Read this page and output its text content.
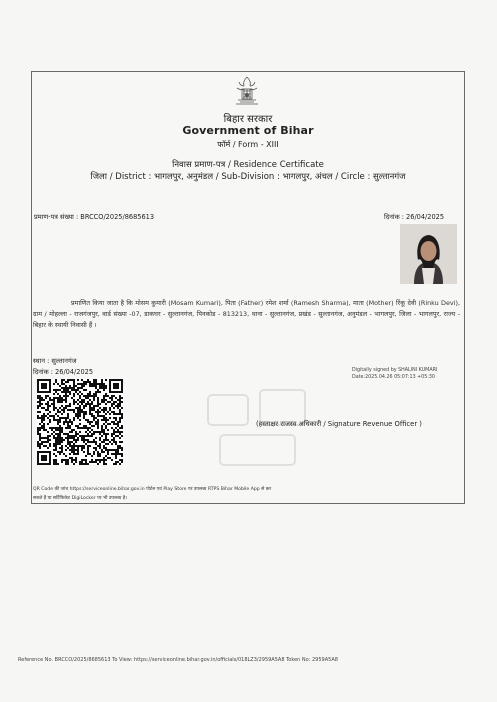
बिहार सरकार
Government of Bihar
फॉर्म / Form - XIII
निवास प्रमाण-पत्र / Residence Certificate
जिला / District : भागलपुर, अनुमंडल / Sub-Division : भागलपुर, अंचल / Circle : सुल्तानगंज
प्रमाण-पत्र संख्या : BRCCO/2025/8685613	दिनांक : 26/04/2025
प्रमाणित किया जाता है कि मोसम कुमारी (Mosam Kumari), पिता (Father) रमेश शर्मा (Ramesh Sharma), माता (Mother) रिंकू देवी (Rinku Devi), ग्राम / मोहल्ला - राजगंजपुर, वार्ड संख्या -07, डाकघर - सुल्तानगंज, पिनकोड - 813213, थाना - सुल्तानगंज, प्रखंड - सुल्तानगंज, अनुमंडल - भागलपुर, जिला - भागलपुर, राज्य - बिहार के स्थायी निवासी हैं ।
स्थान : सुल्तानगंज
दिनांक : 26/04/2025	Digitally signed by SHALINI KUMARI
Date:2025.04.26 05:07:13 +05:30
(हस्ताक्षर राजस्व अधिकारी / Signature Revenue Officer )
QR Code की जांच https://serviceonline.bihar.gov.in पोर्टल एवं Play Store पर उपलब्ध RTPS Bihar Mobile App से कर
सकते हैं या सर्टिफिकेट DigiLocker पर भी उपलब्ध है।
Reference No. BRCCO/2025/8685613 To View: https://serviceonline.bihar.gov.in/officials/018LZ3/2959A5A8 Token No: 2959A5A8
